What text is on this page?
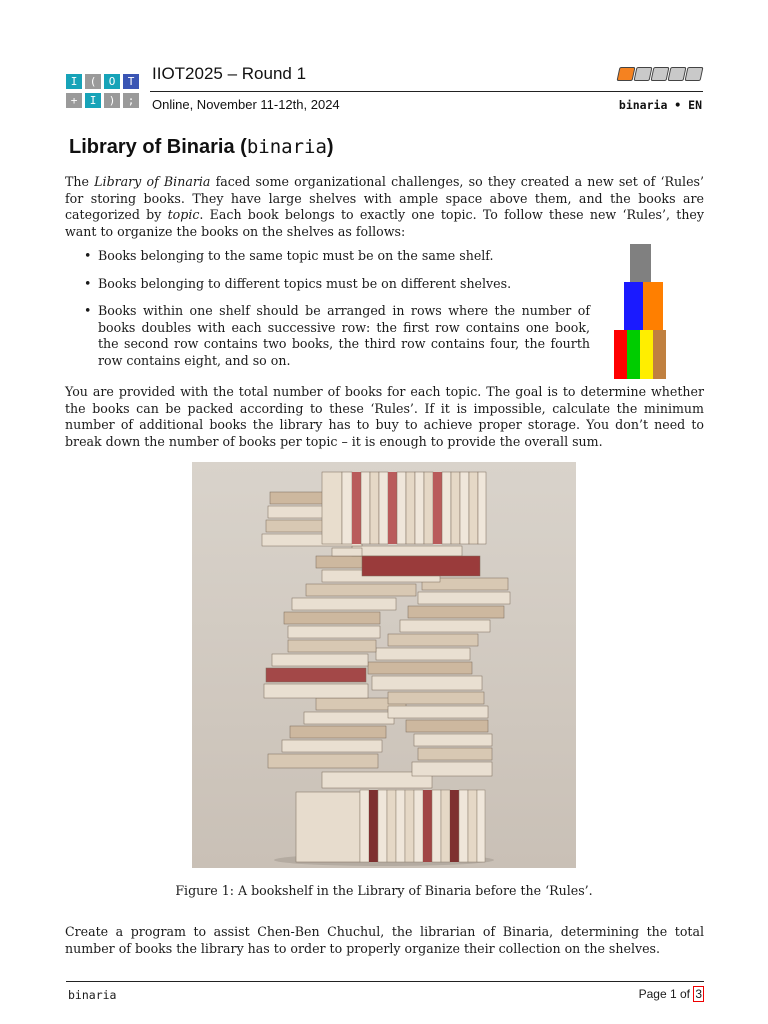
I	(	O	T
+	I	)	;
IIOT2025 – Round 1
Online, November 11-12th, 2024	binaria • EN
Library of Binaria (binaria)
The Library of Binaria faced some organizational challenges, so they created a new set of ‘Rules’ for storing books. They have large shelves with ample space above them, and the books are categorized by topic. Each book belongs to exactly one topic. To follow these new ‘Rules’, they want to organize the books on the shelves as follows:
• Books belonging to the same topic must be on the same shelf.
• Books belonging to different topics must be on different shelves.
• Books within one shelf should be arranged in rows where the number of books doubles with each successive row: the first row contains one book, the second row contains two books, the third row contains four, the fourth row contains eight, and so on.
You are provided with the total number of books for each topic. The goal is to determine whether the books can be packed according to these ‘Rules’. If it is impossible, calculate the minimum number of additional books the library has to buy to achieve proper storage. You don’t need to break down the number of books per topic – it is enough to provide the overall sum.
Figure 1: A bookshelf in the Library of Binaria before the ‘Rules’.
Create a program to assist Chen-Ben Chuchul, the librarian of Binaria, determining the total number of books the library has to order to properly organize their collection on the shelves.
binaria	Page 1 of 3
